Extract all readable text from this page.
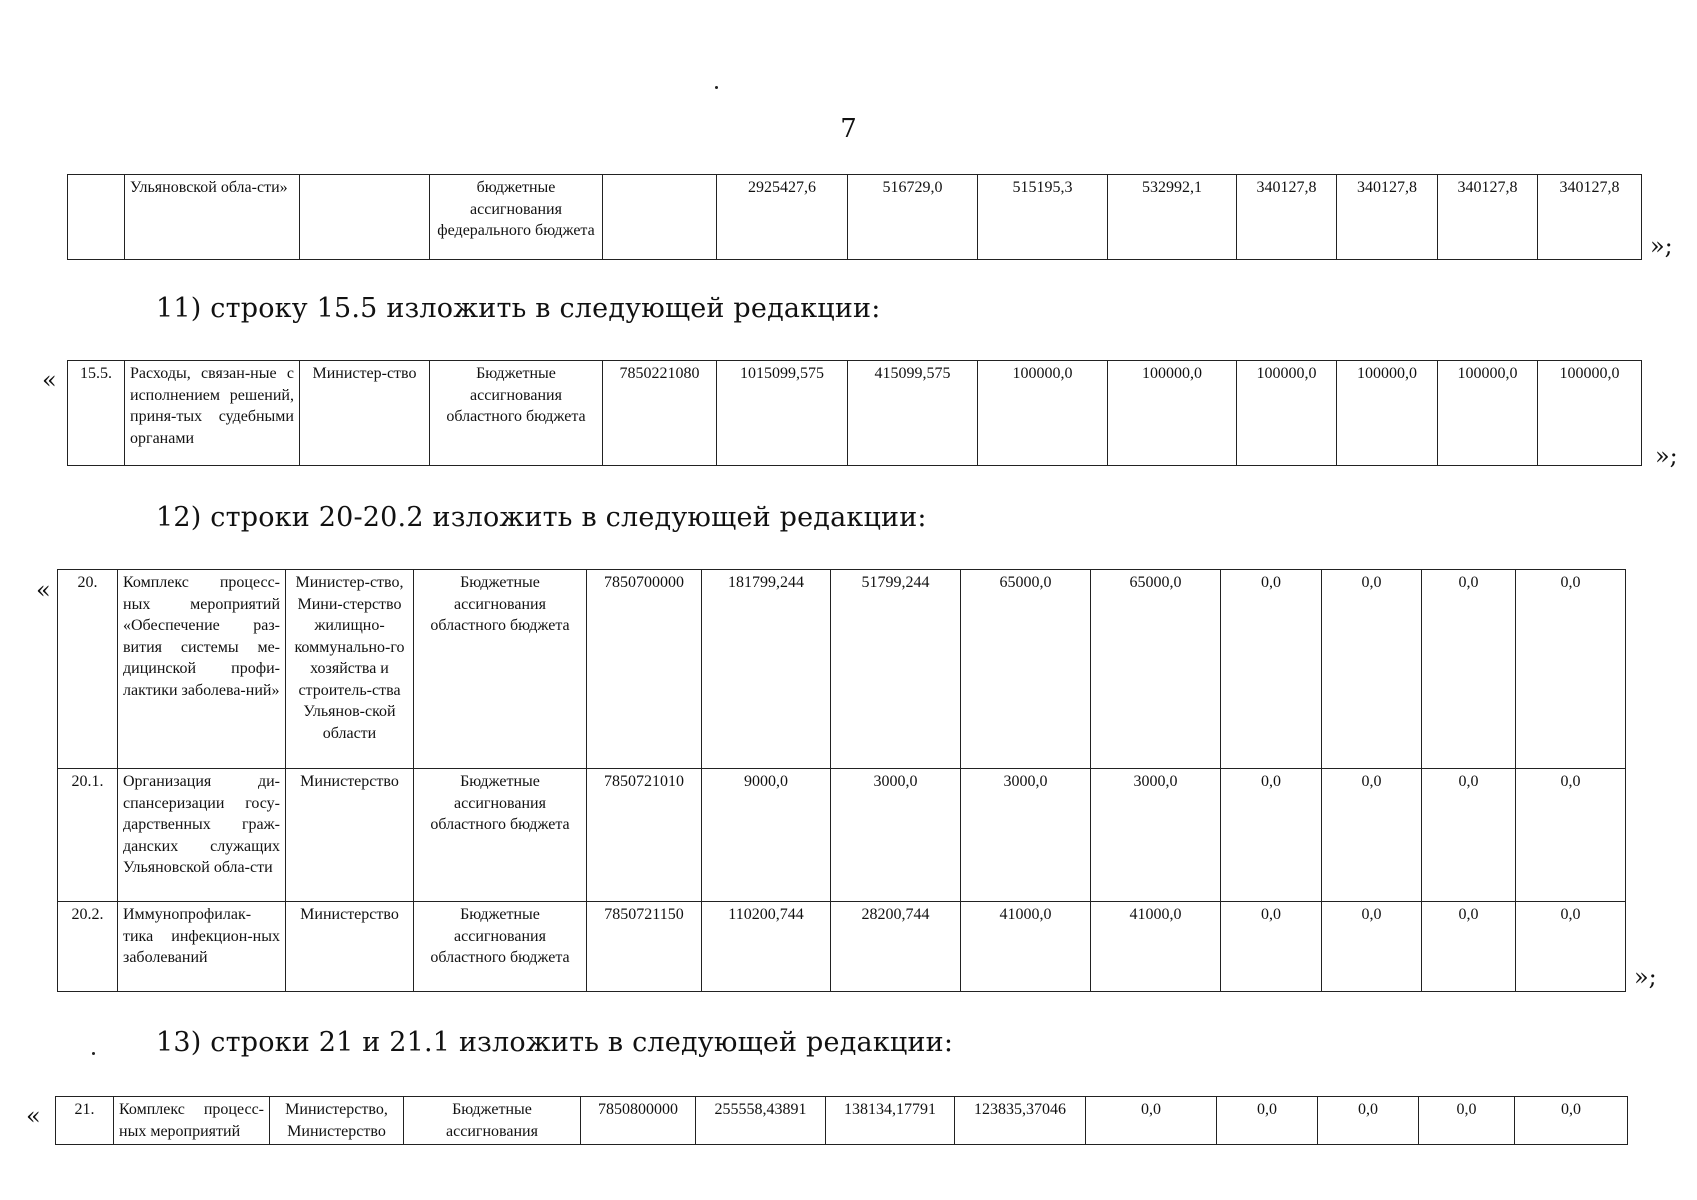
7
	Ульяновской обла-сти»		бюджетные ассигнования федерального бюджета		2925427,6	516729,0	515195,3	532992,1	340127,8	340127,8	340127,8	340127,8
»;
11) строку 15.5 изложить в следующей редакции:
« 15.5.	Расходы, связан-ные с исполнением решений, приня-тых судебными органами	Министер-ство	Бюджетные ассигнования областного бюджета	7850221080	1015099,575	415099,575	100000,0	100000,0	100000,0	100000,0	100000,0	100000,0
»;
12) строки 20-20.2 изложить в следующей редакции:
« 20.	Комплекс процесс-ных мероприятий «Обеспечение раз-вития системы ме-дицинской профи-лактики заболева-ний»	Министер-ство, Мини-стерство жилищно-коммунально-го хозяйства и строитель-ства Ульянов-ской области	Бюджетные ассигнования областного бюджета	7850700000	181799,244	51799,244	65000,0	65000,0	0,0	0,0	0,0	0,0
20.1.	Организация ди-спансеризации госу-дарственных граж-данских служащих Ульяновской обла-сти	Министерство	Бюджетные ассигнования областного бюджета	7850721010	9000,0	3000,0	3000,0	3000,0	0,0	0,0	0,0	0,0
20.2.	Иммунопрофилак-тика инфекцион-ных заболеваний	Министерство	Бюджетные ассигнования областного бюджета	7850721150	110200,744	28200,744	41000,0	41000,0	0,0	0,0	0,0	0,0
»;
13) строки 21 и 21.1 изложить в следующей редакции:
« 21.	Комплекс процесс-ных мероприятий	Министерство, Министерство	Бюджетные ассигнования	7850800000	255558,43891	138134,17791	123835,37046	0,0	0,0	0,0	0,0	0,0
